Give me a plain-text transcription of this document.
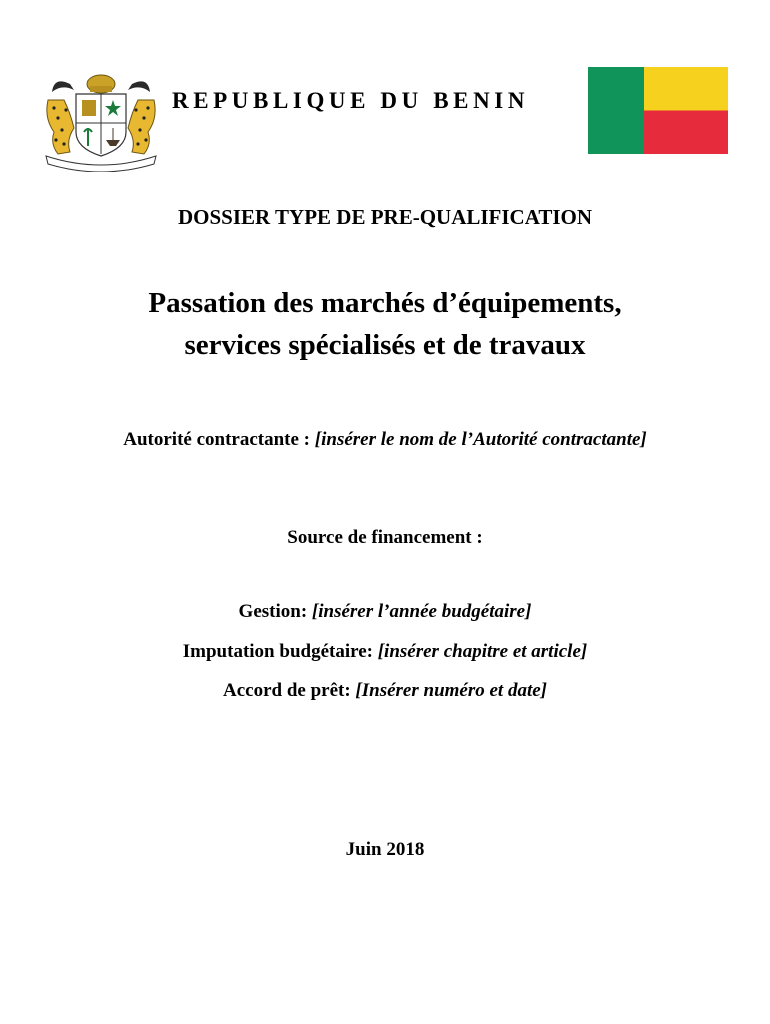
REPUBLIQUE DU BENIN
DOSSIER TYPE DE PRE-QUALIFICATION
Passation des marchés d’équipements,
services spécialisés et de travaux
Autorité contractante : [insérer le nom de l’Autorité contractante]
Source de financement :
Gestion: [insérer l’année budgétaire]
Imputation budgétaire: [insérer chapitre et article]
Accord de prêt: [Insérer numéro et date]
Juin 2018
